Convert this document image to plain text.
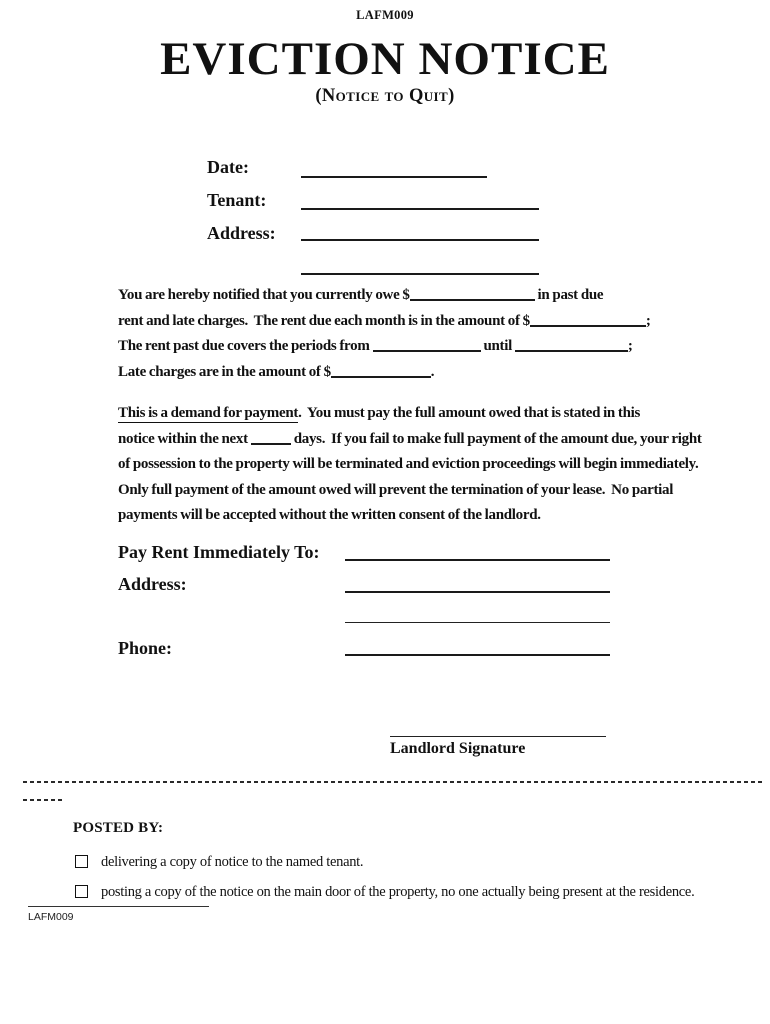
LAFM009
EVICTION NOTICE
(Notice to Quit)
Date:
Tenant:
Address:
You are hereby notified that you currently owe $	in past due
rent and late charges.  The rent due each month is in the amount of $	;
The rent past due covers the periods from	until	;
Late charges are in the amount of $	.
This is a demand for payment.  You must pay the full amount owed that is stated in this
notice within the next	days.  If you fail to make full payment of the amount due, your right
of possession to the property will be terminated and eviction proceedings will begin immediately.
Only full payment of the amount owed will prevent the termination of your lease.  No partial
payments will be accepted without the written consent of the landlord.
Pay Rent Immediately To:
Address:
Phone:
Landlord Signature
POSTED BY:
delivering a copy of notice to the named tenant.
posting a copy of the notice on the main door of the property, no one actually being present at the residence.
LAFM009
